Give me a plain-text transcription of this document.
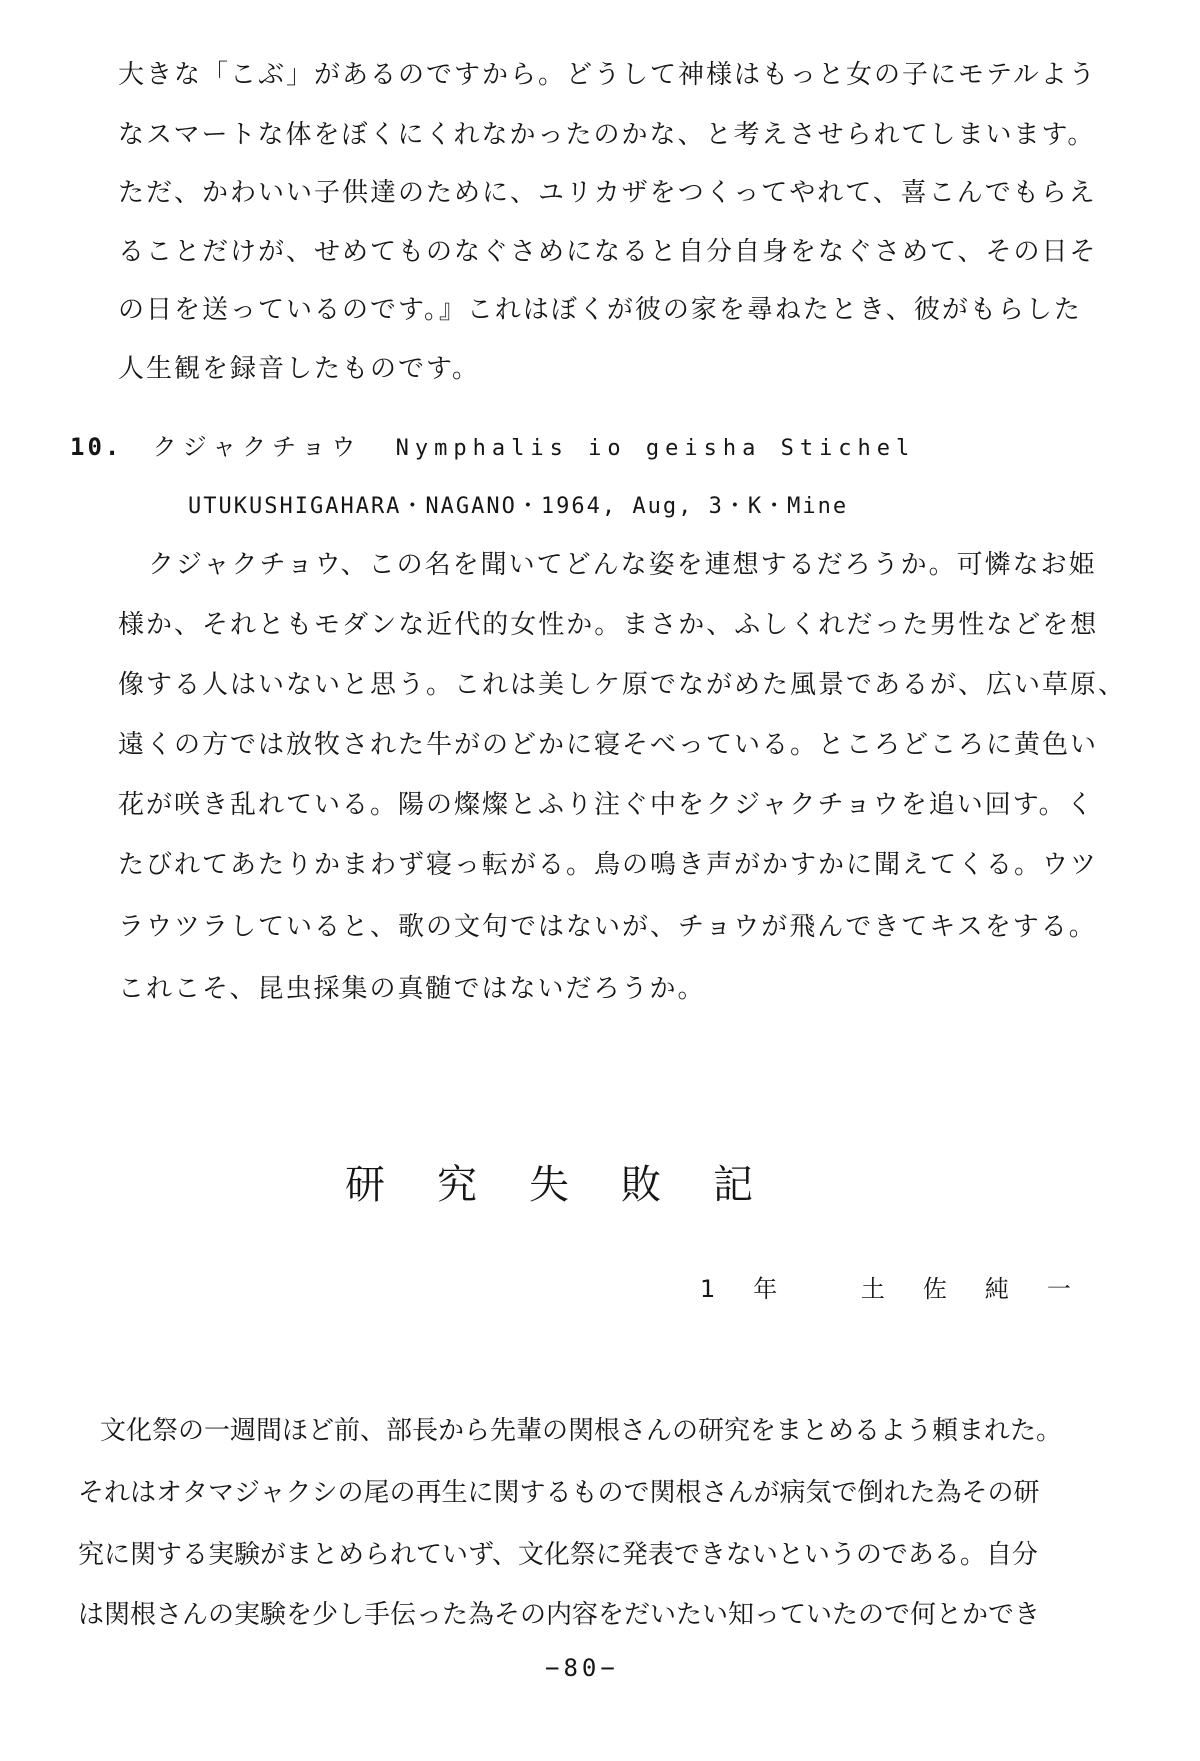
大きな「こぶ」があるのですから。どうして神様はもっと女の子にモテルよう
なスマートな体をぼくにくれなかったのかな、と考えさせられてしまいます。
ただ、かわいい子供達のために、ユリカザをつくってやれて、喜こんでもらえ
ることだけが、せめてものなぐさめになると自分自身をなぐさめて、その日そ
の日を送っているのです。』これはぼくが彼の家を尋ねたとき、彼がもらした
人生観を録音したものです。
10. クジャクチョウ Nymphalis io geisha Stichel
UTUKUSHIGAHARA・NAGANO・1964, Aug, 3・K・Mine
クジャクチョウ、この名を聞いてどんな姿を連想するだろうか。可憐なお姫
様か、それともモダンな近代的女性か。まさか、ふしくれだった男性などを想
像する人はいないと思う。これは美しケ原でながめた風景であるが、広い草原、
遠くの方では放牧された牛がのどかに寝そべっている。ところどころに黄色い
花が咲き乱れている。陽の燦燦とふり注ぐ中をクジャクチョウを追い回す。く
たびれてあたりかまわず寝っ転がる。鳥の鳴き声がかすかに聞えてくる。ウツ
ラウツラしていると、歌の文句ではないが、チョウが飛んできてキスをする。
これこそ、昆虫採集の真髄ではないだろうか。
研究失敗記
1年 土佐純一
文化祭の一週間ほど前、部長から先輩の関根さんの研究をまとめるよう頼まれた。
それはオタマジャクシの尾の再生に関するもので関根さんが病気で倒れた為その研
究に関する実験がまとめられていず、文化祭に発表できないというのである。自分
は関根さんの実験を少し手伝った為その内容をだいたい知っていたので何とかでき
−80−
